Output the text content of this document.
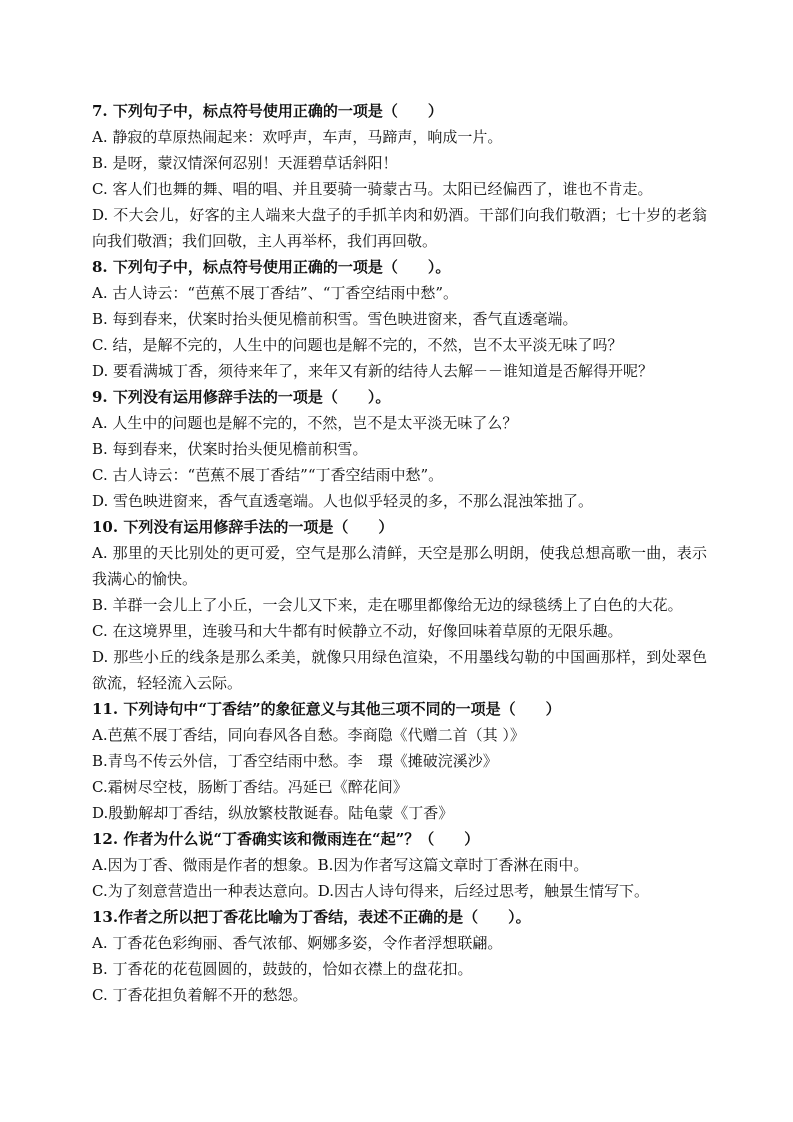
7. 下列句子中，标点符号使用正确的一项是（　　）
A. 静寂的草原热闹起来：欢呼声，车声，马蹄声，响成一片。
B. 是呀，蒙汉情深何忍别！天涯碧草话斜阳！
C. 客人们也舞的舞、唱的唱、并且要骑一骑蒙古马。太阳已经偏西了，谁也不肯走。
D. 不大会儿，好客的主人端来大盘子的手抓羊肉和奶酒。干部们向我们敬酒；七十岁的老翁向我们敬酒；我们回敬，主人再举杯，我们再回敬。
8. 下列句子中，标点符号使用正确的一项是（　　）。
A. 古人诗云：“芭蕉不展丁香结”、“丁香空结雨中愁”。
B. 每到春来，伏案时抬头便见檐前积雪。雪色映进窗来，香气直透毫端。
C. 结，是解不完的，人生中的问题也是解不完的，不然，岂不太平淡无味了吗？
D. 要看满城丁香，须待来年了，来年又有新的结待人去解－－谁知道是否解得开呢？
9. 下列没有运用修辞手法的一项是（　　）。
A. 人生中的问题也是解不完的，不然，岂不是太平淡无味了么？
B. 每到春来，伏案时抬头便见檐前积雪。
C. 古人诗云：“芭蕉不展丁香结”“丁香空结雨中愁”。
D. 雪色映进窗来，香气直透毫端。人也似乎轻灵的多，不那么混浊笨拙了。
10. 下列没有运用修辞手法的一项是（　　）
A. 那里的天比别处的更可爱，空气是那么清鲜，天空是那么明朗，使我总想高歌一曲，表示我满心的愉快。
B. 羊群一会儿上了小丘，一会儿又下来，走在哪里都像给无边的绿毯绣上了白色的大花。
C. 在这境界里，连骏马和大牛都有时候静立不动，好像回味着草原的无限乐趣。
D. 那些小丘的线条是那么柔美，就像只用绿色渲染，不用墨线勾勒的中国画那样，到处翠色欲流，轻轻流入云际。
11. 下列诗句中“丁香结”的象征意义与其他三项不同的一项是（　　）
A.芭蕉不展丁香结，同向春风各自愁。李商隐《代赠二首（其 ）》
B.青鸟不传云外信，丁香空结雨中愁。李　璟《摊破浣溪沙》
C.霜树尽空枝，肠断丁香结。冯延已《醉花间》
D.殷勤解却丁香结，纵放繁枝散诞春。陆龟蒙《丁香》
12. 作者为什么说“丁香确实该和微雨连在“起”？（　　）
A.因为丁香、微雨是作者的想象。B.因为作者写这篇文章时丁香淋在雨中。
C.为了刻意营造出一种表达意向。D.因古人诗句得来，后经过思考，触景生情写下。
13.作者之所以把丁香花比喻为丁香结，表述不正确的是（　　）。
A. 丁香花色彩绚丽、香气浓郁、婀娜多姿，令作者浮想联翩。
B. 丁香花的花苞圆圆的，鼓鼓的，恰如衣襟上的盘花扣。
C. 丁香花担负着解不开的愁怨。
